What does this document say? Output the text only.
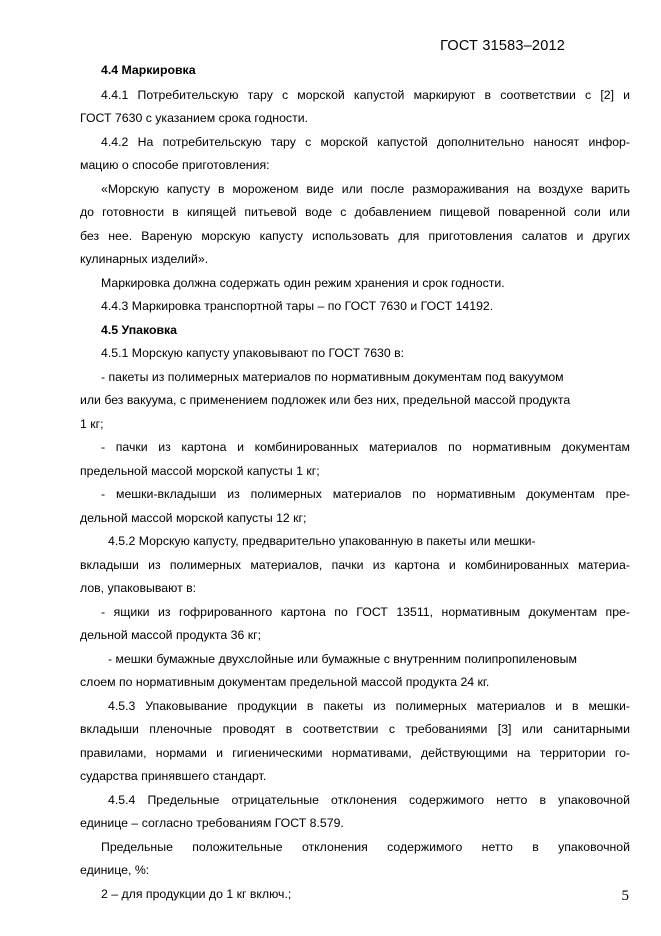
ГОСТ 31583–2012
4.4 Маркировка
4.4.1 Потребительскую тару с морской капустой маркируют в соответствии с [2] и
ГОСТ 7630 с указанием срока годности.
4.4.2 На потребительскую тару с морской капустой дополнительно наносят инфор-
мацию о способе приготовления:
«Морскую капусту в мороженом виде или после размораживания на воздухе варить
до готовности в кипящей питьевой воде с добавлением пищевой поваренной соли или
без нее. Вареную морскую капусту использовать для приготовления салатов и других
кулинарных изделий».
Маркировка должна содержать один режим хранения и срок годности.
4.4.3 Маркировка транспортной тары – по ГОСТ 7630 и ГОСТ 14192.
4.5 Упаковка
4.5.1 Морскую капусту упаковывают по ГОСТ 7630 в:
- пакеты из полимерных материалов по нормативным документам под вакуумом
или без вакуума, с применением подложек или без них, предельной массой продукта
1 кг;
- пачки из картона и комбинированных материалов по нормативным документам
предельной массой морской капусты 1 кг;
- мешки-вкладыши из полимерных материалов по нормативным документам пре-
дельной массой морской капусты 12 кг;
4.5.2 Морскую капусту, предварительно упакованную в пакеты или мешки-
вкладыши из полимерных материалов, пачки из картона и комбинированных материа-
лов, упаковывают в:
- ящики из гофрированного картона по ГОСТ 13511, нормативным документам пре-
дельной массой продукта 36 кг;
- мешки бумажные двухслойные или бумажные с внутренним полипропиленовым
слоем по нормативным документам предельной массой продукта 24 кг.
4.5.3 Упаковывание продукции в пакеты из полимерных материалов и в мешки-
вкладыши пленочные проводят в соответствии с требованиями [3] или санитарными
правилами, нормами и гигиеническими нормативами, действующими на территории го-
сударства принявшего стандарт.
4.5.4 Предельные отрицательные отклонения содержимого нетто в упаковочной
единице – согласно требованиям ГОСТ 8.579.
Предельные положительные отклонения содержимого нетто в упаковочной
единице, %:
2 – для продукции до 1 кг включ.;	5
